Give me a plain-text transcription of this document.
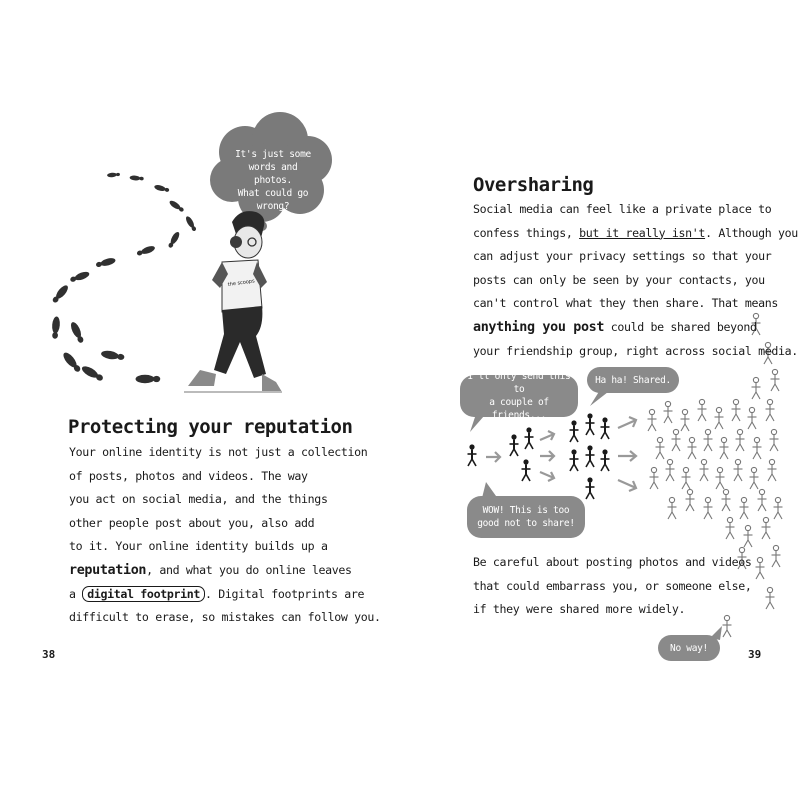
the scoops
It's just some
words and photos.
What could go
wrong?
Protecting your reputation
Your online identity is not just a collection
of posts, photos and videos. The way
you act on social media, and the things
other people post about you, also add
to it. Your online identity builds up a
reputation, and what you do online leaves
a digital footprint . Digital footprints are
difficult to erase, so mistakes can follow you.
38
Oversharing
Social media can feel like a private place to
confess things, but it really isn't. Although you
can adjust your privacy settings so that your
posts can only be seen by your contacts, you
can't control what they then share. That means
anything you post could be shared beyond
your friendship group, right across social media.
I'll only send this to
a couple of friends...
Ha ha! Shared.
WOW! This is too
good not to share!
No way!
Be careful about posting photos and videos
that could embarrass you, or someone else,
if they were shared more widely.
39
